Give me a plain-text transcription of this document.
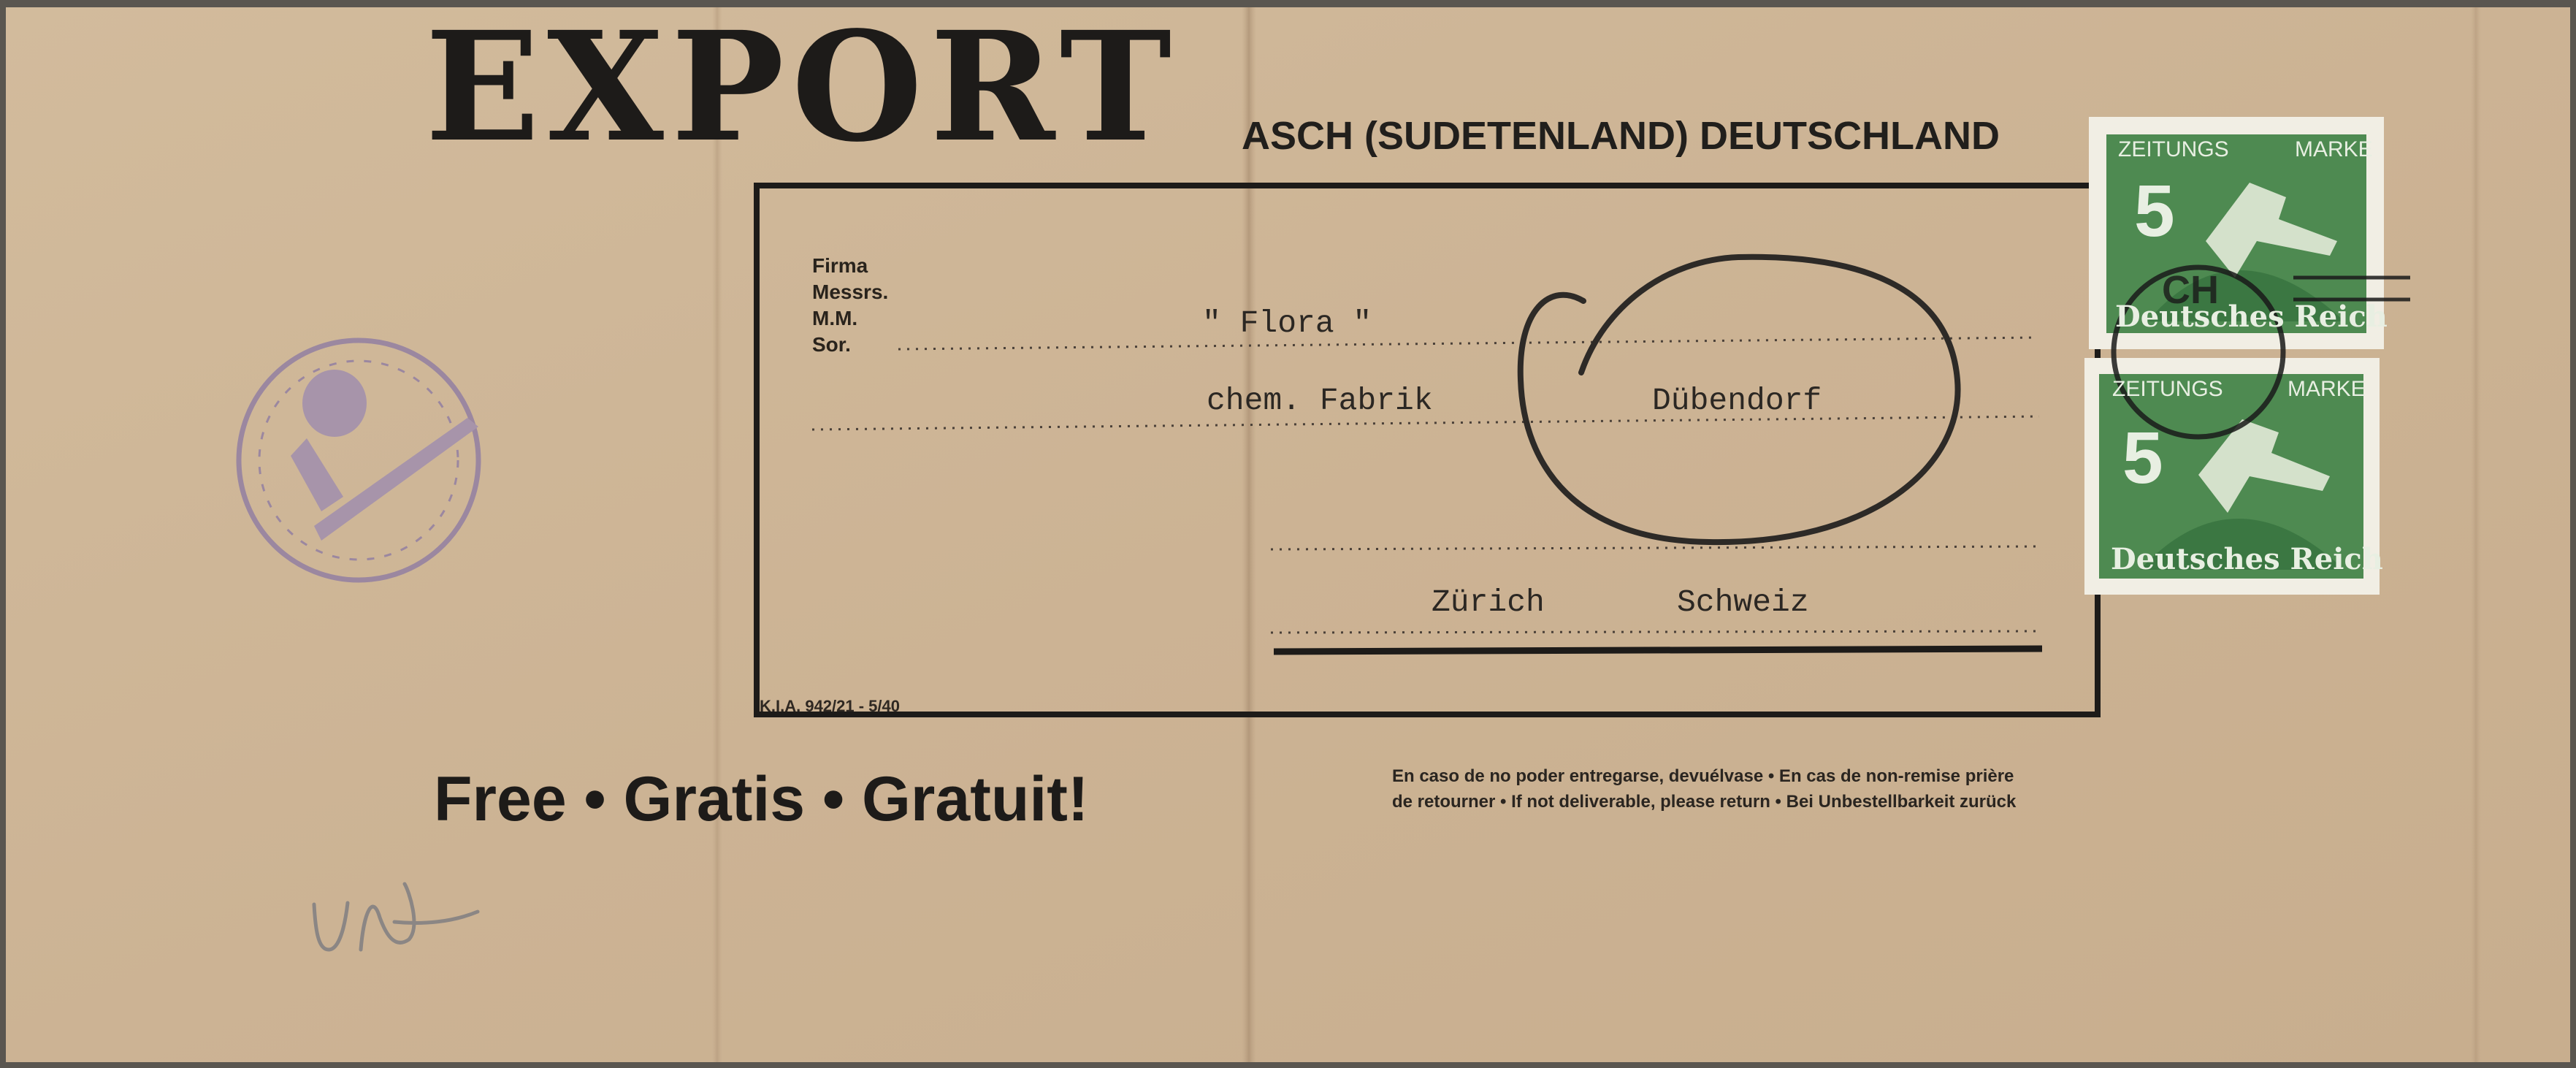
EXPORT ASCH (SUDETENLAND) DEUTSCHLAND
Firma
Messrs.
M.M.
Sor.
" Flora "
chem. Fabrik	Dübendorf
Zürich	Schweiz
K.I.A. 942/21 - 5/40
Free • Gratis • Gratuit!	En caso de no poder entregarse, devuélvase • En cas de non-remise prière
de retourner • If not deliverable, please return • Bei Unbestellbarkeit zurück
ZEITUNGS	MARKE
5
Deutsches Reich
ZEITUNGS	MARKE
5
Deutsches Reich
CH
